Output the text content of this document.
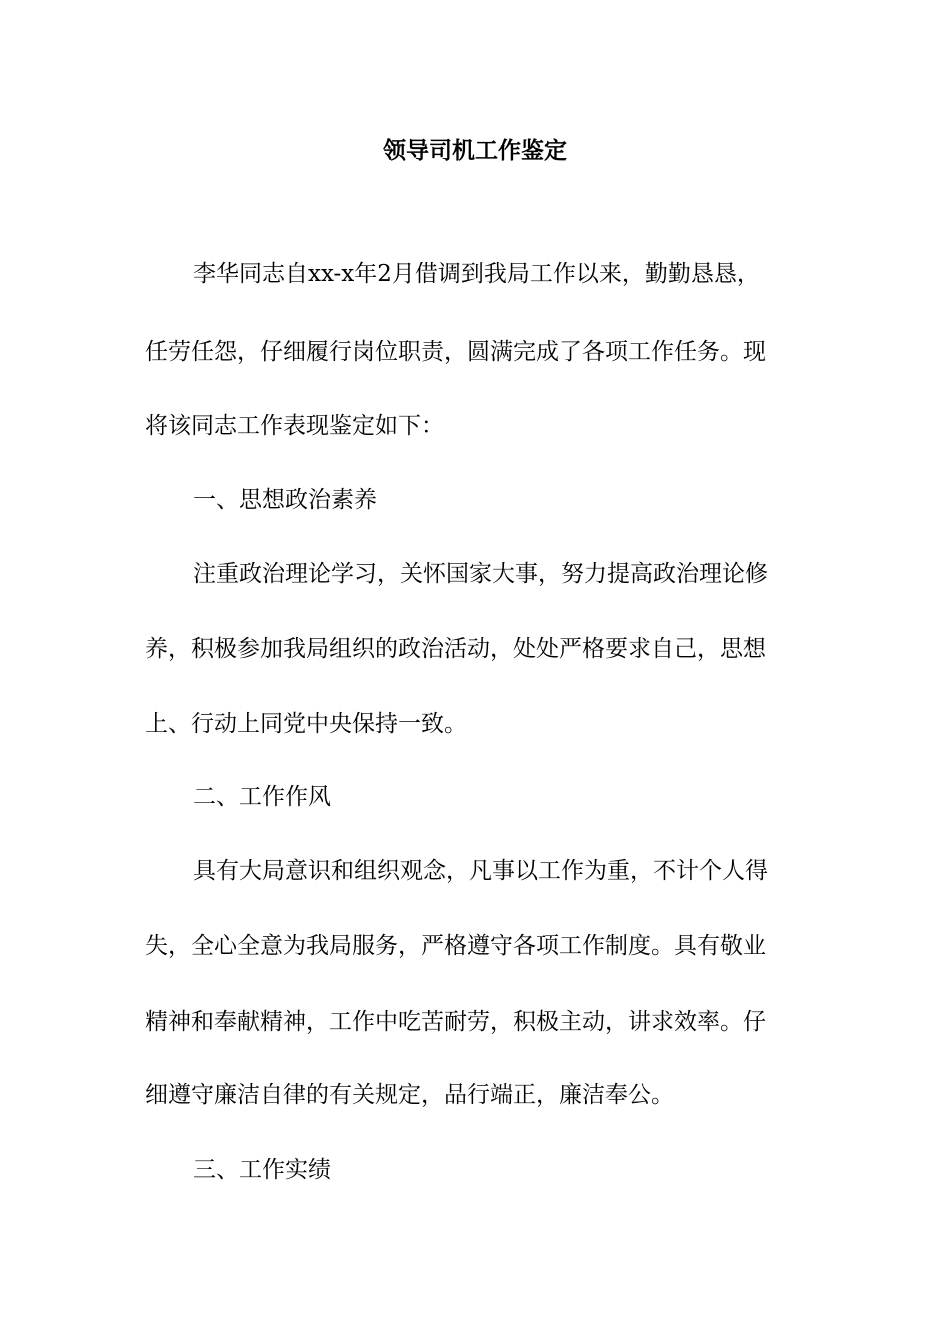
领导司机工作鉴定

李华同志自xx-x年2月借调到我局工作以来，勤勤恳恳，

任劳任怨，仔细履行岗位职责，圆满完成了各项工作任务。现

将该同志工作表现鉴定如下：

一、思想政治素养

注重政治理论学习，关怀国家大事，努力提高政治理论修

养，积极参加我局组织的政治活动，处处严格要求自己，思想

上、行动上同党中央保持一致。

二、工作作风

具有大局意识和组织观念，凡事以工作为重，不计个人得

失，全心全意为我局服务，严格遵守各项工作制度。具有敬业

精神和奉献精神，工作中吃苦耐劳，积极主动，讲求效率。仔

细遵守廉洁自律的有关规定，品行端正，廉洁奉公。

三、工作实绩
